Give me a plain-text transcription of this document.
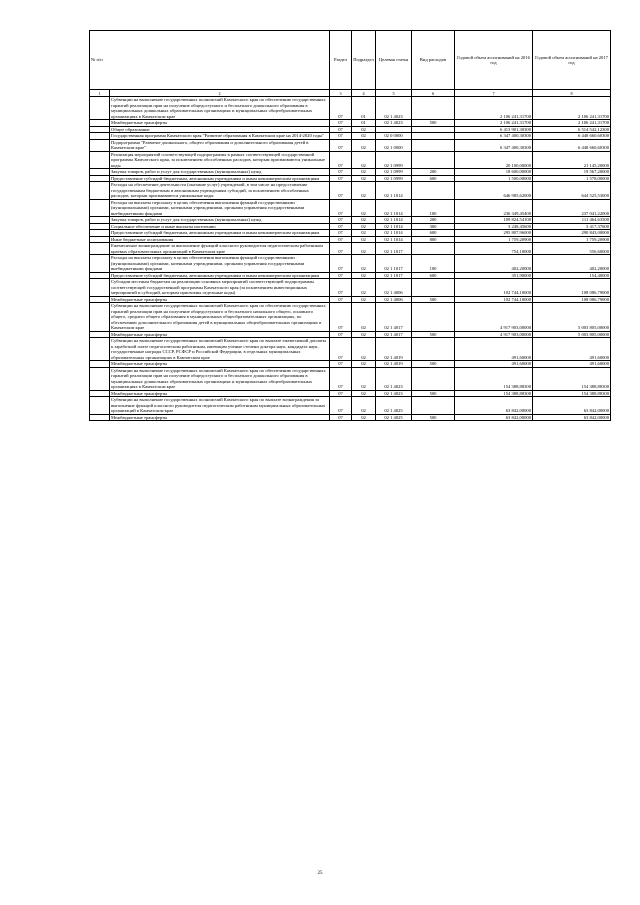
№ п/п		Раздел	Подраздел	Целевая статья	Вид расходов	Годовой объем ассигнований на 2016 год	Годовой объем ассигнований на 2017 год
1	2	3	4	5	6	7	8
	Субвенции на выполнение государственных полномочий Камчатского края по обеспечению государственных гарантий реализации прав на получение общедоступного и бесплатного дошкольного образования в муниципальных дошкольных образовательных организациях и муниципальных общеобразовательных организациях в Камчатском крае	07	01	02 1 4023		2 106 241,31700	2 106 241,31700
	Межбюджетные трансферты	07	01	02 1 4023	500	2 106 241,31700	2 106 241,31700
	Общее образование	07	02			6 413 901,30300	6 514 542,12300
	Государственная программа Камчатского края "Развитие образования в Камчатском крае на 2014-2020 годы"	07	02	02 0 0000		6 347 400,30300	6 448 660,60300
	Подпрограмма "Развитие дошкольного, общего образования и дополнительного образования детей в Камчатском крае"	07	02	02 1 0000		6 347 400,30300	6 448 660,60300
	Реализация мероприятий соответствующей подпрограммы в рамках соответствующей государственной программы Камчатского края, за исключением обособленных расходов, которым присваиваются уникальные коды	07	02	02 1 0999		20 100,00000	21 145,20000
	Закупка товаров, работ и услуг для государственных (муниципальных) нужд	07	02	02 1 0999	200	18 600,00000	19 567,20000
	Предоставление субсидий бюджетным, автономным учреждениям и иным некоммерческим организациям	07	02	02 1 0999	600	1 500,00000	1 578,00000
	Расходы на обеспечение деятельности (оказание услуг) учреждений, в том числе на предоставление государственным бюджетным и автономным учреждениям субсидий, за исключением обособленных расходов, которым присваиваются уникальные коды	07	02	02 1 1014		646 985,62000	644 525,53000
	Расходы на выплаты персоналу в целях обеспечения выполнения функций государственными (муниципальными) органами, казенными учреждениями, органами управления государственными внебюджетными фондами	07	02	02 1 1014	100	236 349,45400	237 041,22000
	Закупка товаров, работ и услуг для государственных (муниципальных) нужд	07	02	02 1 1014	200	109 824,54100	111 464,63500
	Социальное обеспечение и иные выплаты населению	07	02	02 1 1014	300	3 248,45600	3 417,37600
	Предоставление субсидий бюджетным, автономным учреждениям и иным некоммерческим организациям	07	02	02 1 1014	600	295 807,96000	290 843,00000
	Иные бюджетные ассигнования	07	02	02 1 1014	800	1 759,20900	1 759,20900
	Ежемесячное вознаграждение за выполнение функций классного руководителя педагогическим работникам краевых образовательных организаций в Камчатском крае	07	02	02 1 1017		754,10000	556,60000
	Расходы на выплаты персоналу в целях обеспечения выполнения функций государственными (муниципальными) органами, казенными учреждениями, органами управления государственными внебюджетными фондами	07	02	02 1 1017	100	402,20000	402,20000
	Предоставление субсидий бюджетным, автономным учреждениям и иным некоммерческим организациям	07	02	02 1 1017	600	351,90000	154,40000
	Субсидии местным бюджетам на реализацию основных мероприятий соответствующей подпрограммы соответствующей государственной программы Камчатского края (за исключением инвестиционных мероприятий и субсидий, которым присвоены отдельные коды)	07	02	02 1 4006		102 744,10000	108 086,79000
	Межбюджетные трансферты	07	02	02 1 4006	500	102 744,10000	108 086,79000
	Субвенции на выполнение государственных полномочий Камчатского края по обеспечению государственных гарантий реализации прав на получение общедоступного и бесплатного начального общего, основного общего, среднего общего образования в муниципальных общеобразовательных организациях, по обеспечению дополнительного образования детей в муниципальных общеобразовательных организациях в Камчатском крае	07	02	02 1 4017		4 917 903,00000	5 003 805,00000
	Межбюджетные трансферты	07	02	02 1 4017	500	4 917 903,00000	5 003 805,00000
	Субвенции на выполнение государственных полномочий Камчатского края по выплате ежемесячной доплаты к заработной плате педагогическим работникам, имеющим ученые степени доктора наук, кандидата наук, государственные награды СССР, РСФСР и Российской Федерации, в отдельных муниципальных образовательных организациях в Камчатском крае	07	02	02 1 4019		491,60000	491,60000
	Межбюджетные трансферты	07	02	02 1 4019	500	491,60000	491,60000
	Субвенции на выполнение государственных полномочий Камчатского края по обеспечению государственных гарантий реализации прав на получение общедоступного и бесплатного дошкольного образования в муниципальных дошкольных образовательных организациях и муниципальных общеобразовательных организациях в Камчатском крае	07	02	02 1 4023		154 388,88300	154 388,88300
	Межбюджетные трансферты	07	02	02 1 4023	500	154 388,88300	154 388,88300
	Субвенции на выполнение государственных полномочий Камчатского края по выплате вознаграждения за выполнение функций классного руководителя педагогическим работникам муниципальных образовательных организаций в Камчатском крае	07	02	02 1 4025		63 842,00000	63 842,00000
	Межбюджетные трансферты	07	02	02 1 4025	500	63 842,00000	63 842,00000
25
